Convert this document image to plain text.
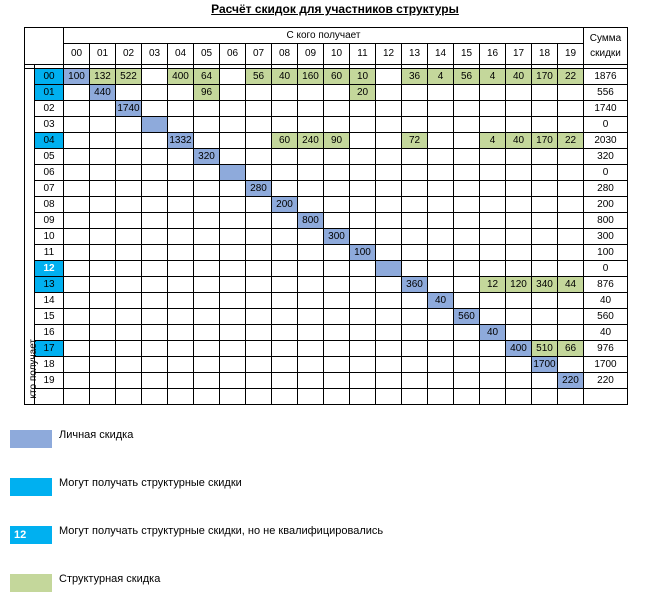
Расчёт скидок для участников структуры
		С кого получает																				Сумма
скидки

		00	01	02	03	04	05	06	07	08	09	10	11	12	13	14	15	16	17	18	19	

кто получает	00	100	132	522		400	64		56	40	160	60	10		36	4	56	4	40	170	22	1876
	01		440				96						20									556
	02			1740																		1740
	03																					0
	04					1332				60	240	90			72			4	40	170	22	2030
	05						320															320
	06																					0
	07								280													280
	08									200												200
	09										800											800
	10											300										300
	11												100									100
	12																					0
	13														360			12	120	340	44	876
	14															40						40
	15																560					560
	16																	40				40
	17																		400	510	66	976
	18																			1700		1700
	19																				220	220

Личная скидка
Могут получать структурные скидки
12	Могут получать структурные скидки, но не квалифицировались
Структурная скидка
